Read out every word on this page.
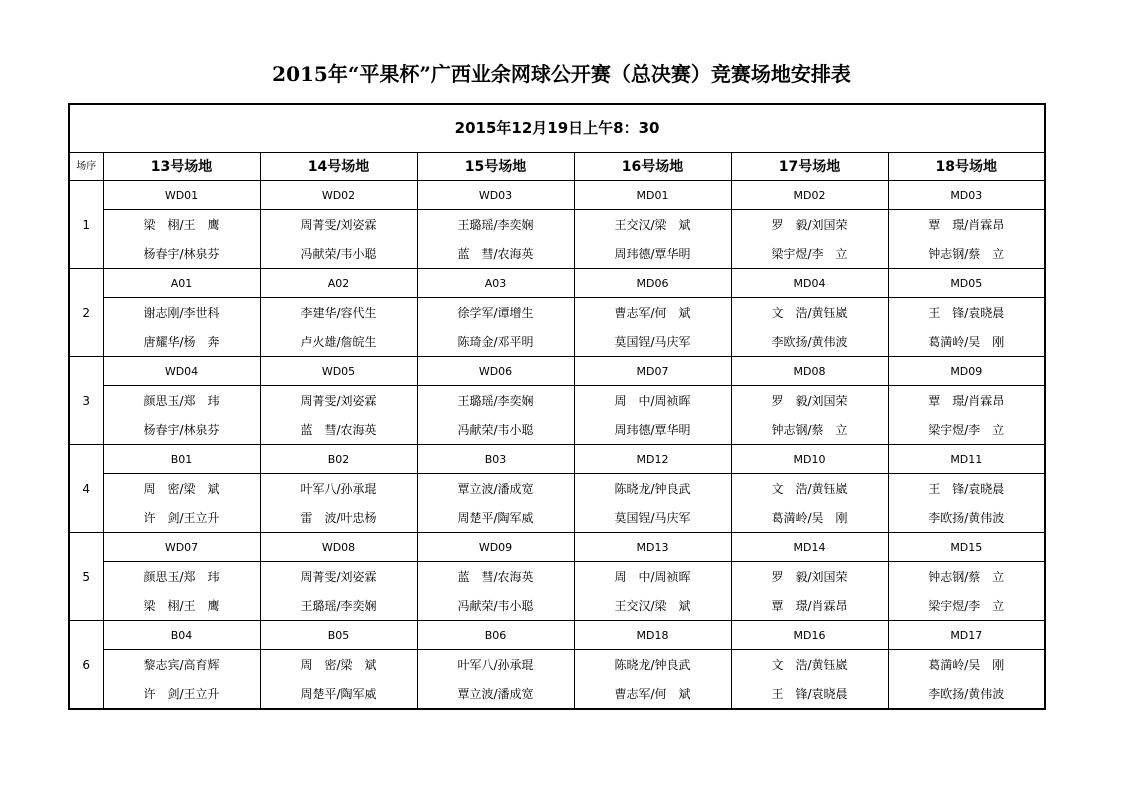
2015年“平果杯”广西业余网球公开赛（总决赛）竞赛场地安排表
2015年12月19日上午8：30						
场序	13号场地	14号场地	15号场地	16号场地	17号场地	18号场地
1	WD01	WD02	WD03	MD01	MD02	MD03
	梁　栩/王　鹰	周菁雯/刘姿霖	王璐瑶/李奕娴	王交汉/梁　斌	罗　毅/刘国荣	覃　璟/肖霖昂
	杨春宇/林泉芬	冯献荣/韦小聪	蓝　彗/农海英	周玮德/覃华明	梁宇煜/李　立	钟志钢/蔡　立
2	A01	A02	A03	MD06	MD04	MD05
	谢志刚/李世科	李建华/容代生	徐学军/谭增生	曹志军/何　斌	文　浩/黄钰崴	王　锋/袁晓晨
	唐耀华/杨　奔	卢火雄/詹皖生	陈琦金/邓平明	莫国锃/马庆军	李欧扬/黄伟波	葛満岭/吴　刚
3	WD04	WD05	WD06	MD07	MD08	MD09
	颜思玉/郑　玮	周菁雯/刘姿霖	王璐瑶/李奕娴	周　中/周祯晖	罗　毅/刘国荣	覃　璟/肖霖昂
	杨春宇/林泉芬	蓝　彗/农海英	冯献荣/韦小聪	周玮德/覃华明	钟志钢/蔡　立	梁宇煜/李　立
4	B01	B02	B03	MD12	MD10	MD11
	周　密/梁　斌	叶军八/孙承琨	覃立波/潘成宽	陈晓龙/钟良武	文　浩/黄钰崴	王　锋/袁晓晨
	许　剑/王立升	雷　波/叶忠杨	周楚平/陶军威	莫国锃/马庆军	葛満岭/吴　刚	李欧扬/黄伟波
5	WD07	WD08	WD09	MD13	MD14	MD15
	颜思玉/郑　玮	周菁雯/刘姿霖	蓝　彗/农海英	周　中/周祯晖	罗　毅/刘国荣	钟志钢/蔡　立
	梁　栩/王　鹰	王璐瑶/李奕娴	冯献荣/韦小聪	王交汉/梁　斌	覃　璟/肖霖昂	梁宇煜/李　立
6	B04	B05	B06	MD18	MD16	MD17
	黎志宾/高育辉	周　密/梁　斌	叶军八/孙承琨	陈晓龙/钟良武	文　浩/黄钰崴	葛満岭/吴　刚
	许　剑/王立升	周楚平/陶军威	覃立波/潘成宽	曹志军/何　斌	王　锋/袁晓晨	李欧扬/黄伟波
